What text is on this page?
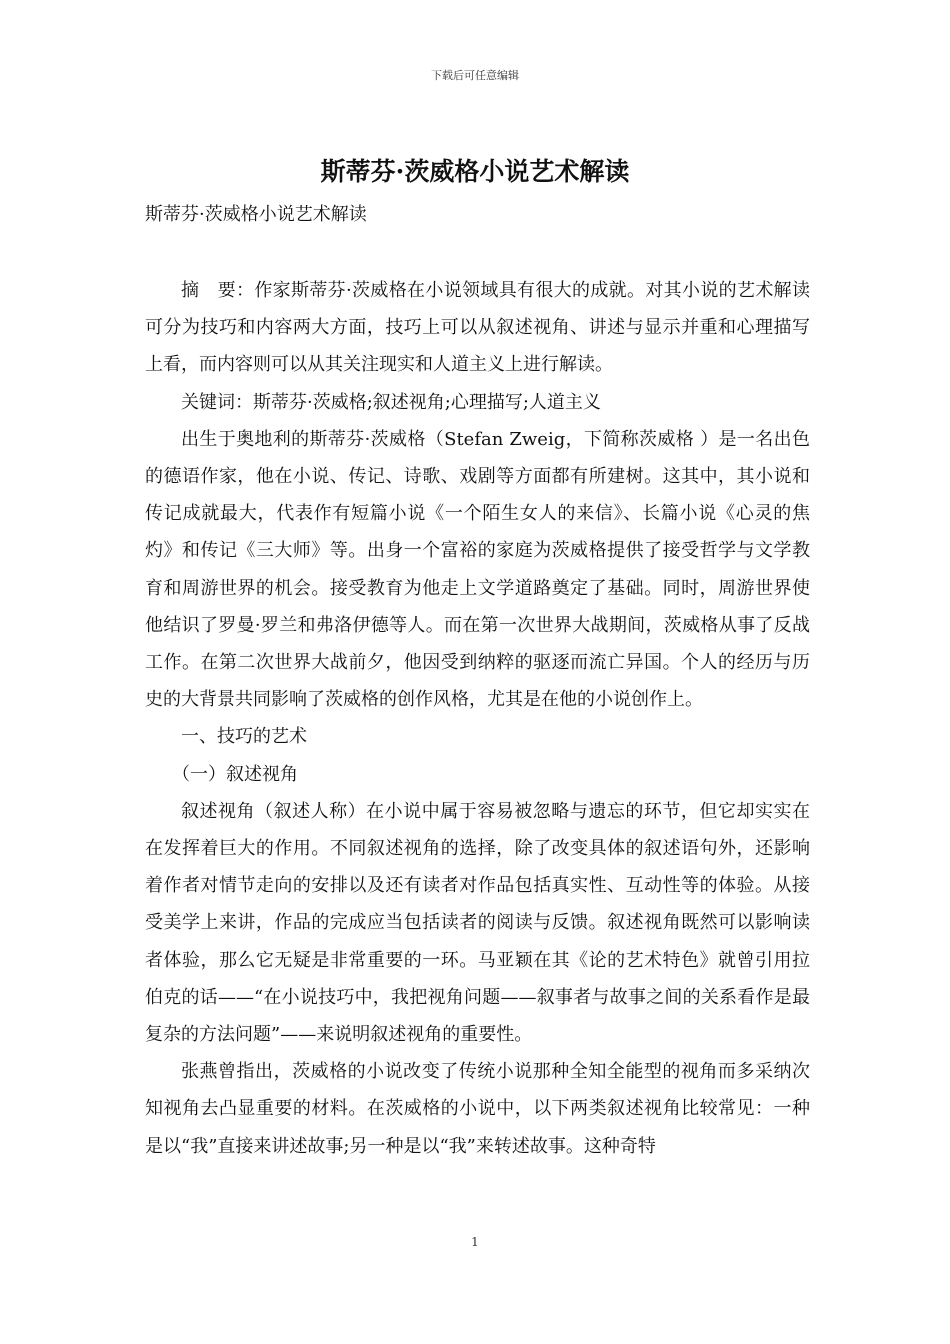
下载后可任意编辑
斯蒂芬·茨威格小说艺术解读
斯蒂芬·茨威格小说艺术解读

摘　要：作家斯蒂芬·茨威格在小说领域具有很大的成就。对其小说的艺术解读可分为技巧和内容两大方面，技巧上可以从叙述视角、讲述与显示并重和心理描写上看，而内容则可以从其关注现实和人道主义上进行解读。

关键词：斯蒂芬·茨威格;叙述视角;心理描写;人道主义

出生于奥地利的斯蒂芬·茨威格（Stefan Zweig，下简称茨威格 ）是一名出色的德语作家，他在小说、传记、诗歌、戏剧等方面都有所建树。这其中，其小说和传记成就最大，代表作有短篇小说《一个陌生女人的来信》、长篇小说《心灵的焦灼》和传记《三大师》等。出身一个富裕的家庭为茨威格提供了接受哲学与文学教育和周游世界的机会。接受教育为他走上文学道路奠定了基础。同时，周游世界使他结识了罗曼·罗兰和弗洛伊德等人。而在第一次世界大战期间，茨威格从事了反战工作。在第二次世界大战前夕，他因受到纳粹的驱逐而流亡异国。个人的经历与历史的大背景共同影响了茨威格的创作风格，尤其是在他的小说创作上。

一、技巧的艺术

（一）叙述视角

叙述视角（叙述人称）在小说中属于容易被忽略与遗忘的环节，但它却实实在在发挥着巨大的作用。不同叙述视角的选择，除了改变具体的叙述语句外，还影响着作者对情节走向的安排以及还有读者对作品包括真实性、互动性等的体验。从接受美学上来讲，作品的完成应当包括读者的阅读与反馈。叙述视角既然可以影响读者体验，那么它无疑是非常重要的一环。马亚颖在其《论的艺术特色》就曾引用拉伯克的话——“在小说技巧中，我把视角问题——叙事者与故事之间的关系看作是最复杂的方法问题”——来说明叙述视角的重要性。

张燕曾指出，茨威格的小说改变了传统小说那种全知全能型的视角而多采纳次知视角去凸显重要的材料。在茨威格的小说中，以下两类叙述视角比较常见：一种是以“我”直接来讲述故事;另一种是以“我”来转述故事。这种奇特

1
